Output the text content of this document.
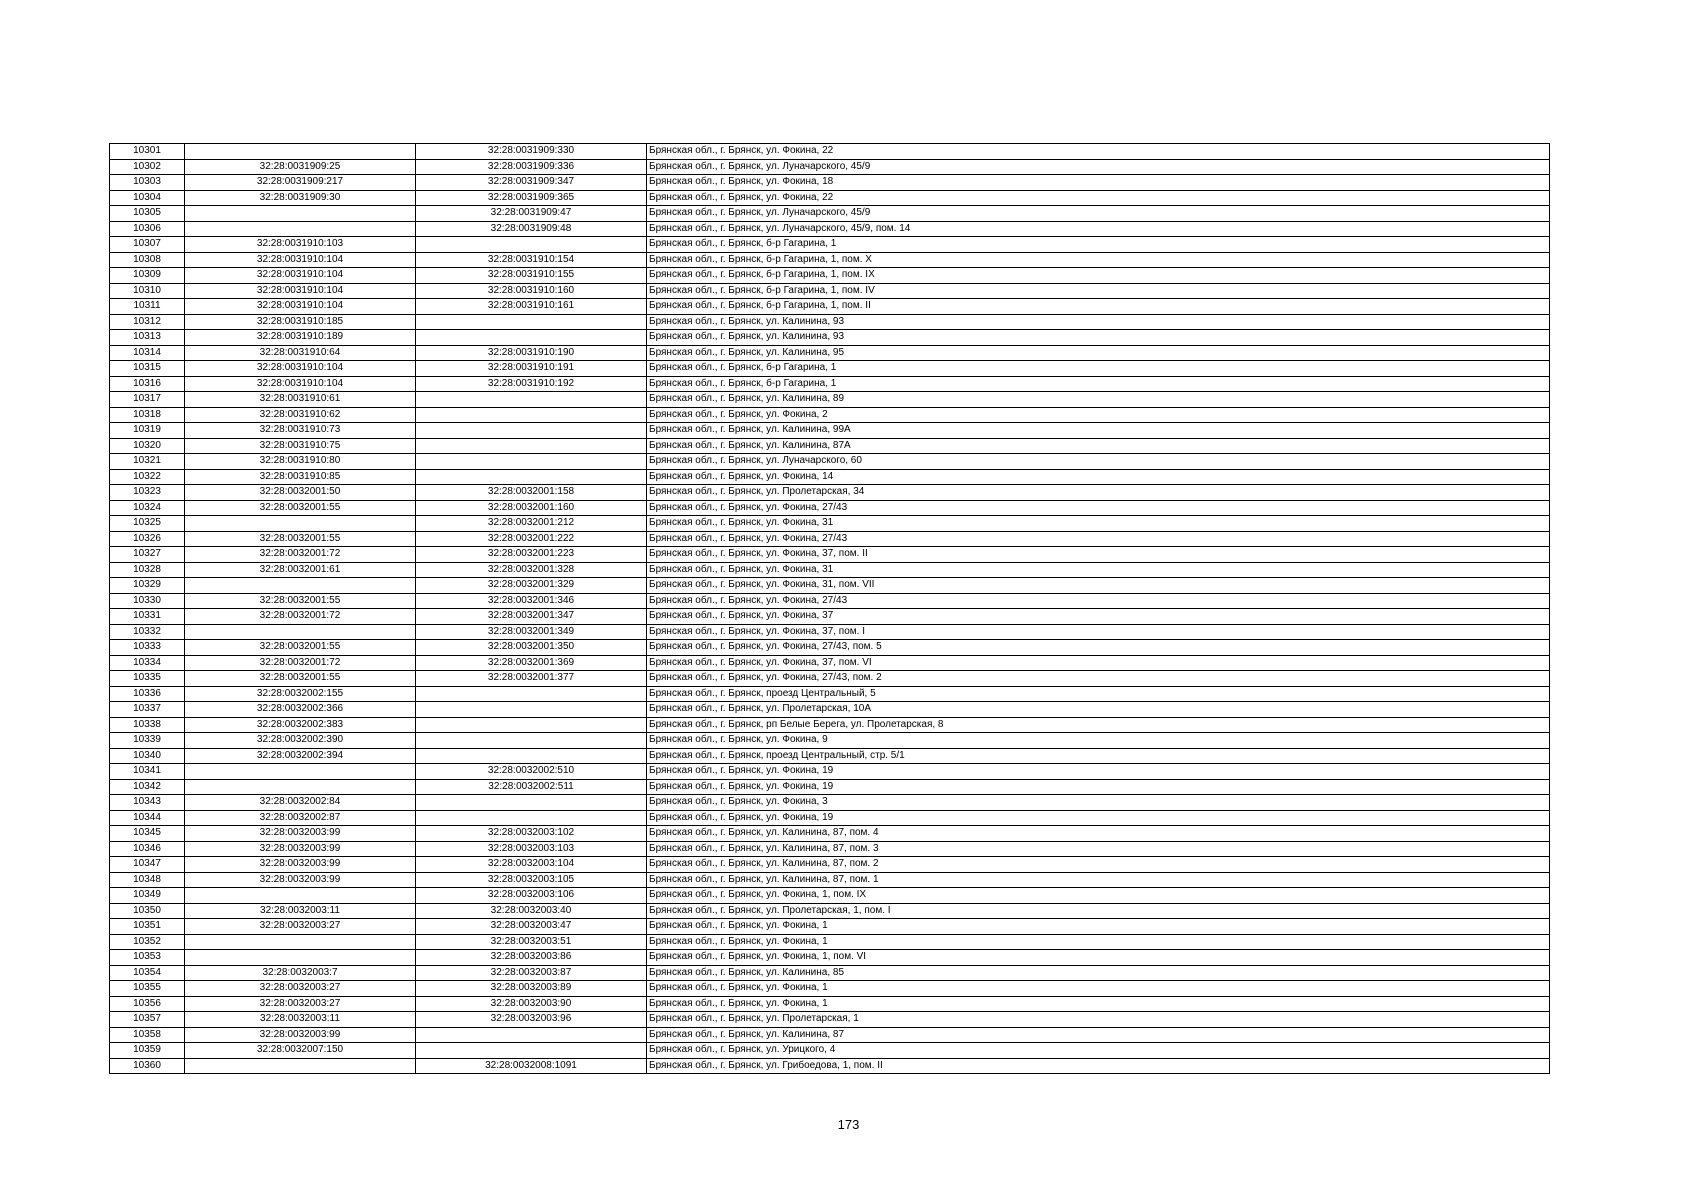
10301		32:28:0031909:330	Брянская обл., г. Брянск, ул. Фокина, 22
10302	32:28:0031909:25	32:28:0031909:336	Брянская обл., г. Брянск, ул. Луначарского, 45/9
10303	32:28:0031909:217	32:28:0031909:347	Брянская обл., г. Брянск, ул. Фокина, 18
10304	32:28:0031909:30	32:28:0031909:365	Брянская обл., г. Брянск, ул. Фокина, 22
10305		32:28:0031909:47	Брянская обл., г. Брянск, ул. Луначарского, 45/9
10306		32:28:0031909:48	Брянская обл., г. Брянск, ул. Луначарского, 45/9, пом. 14
10307	32:28:0031910:103		Брянская обл., г. Брянск, б-р Гагарина, 1
10308	32:28:0031910:104	32:28:0031910:154	Брянская обл., г. Брянск, б-р Гагарина, 1, пом. X
10309	32:28:0031910:104	32:28:0031910:155	Брянская обл., г. Брянск, б-р Гагарина, 1, пом. IX
10310	32:28:0031910:104	32:28:0031910:160	Брянская обл., г. Брянск, б-р Гагарина, 1, пом. IV
10311	32:28:0031910:104	32:28:0031910:161	Брянская обл., г. Брянск, б-р Гагарина, 1, пом. II
10312	32:28:0031910:185		Брянская обл., г. Брянск, ул. Калинина, 93
10313	32:28:0031910:189		Брянская обл., г. Брянск, ул. Калинина, 93
10314	32:28:0031910:64	32:28:0031910:190	Брянская обл., г. Брянск, ул. Калинина, 95
10315	32:28:0031910:104	32:28:0031910:191	Брянская обл., г. Брянск, б-р Гагарина, 1
10316	32:28:0031910:104	32:28:0031910:192	Брянская обл., г. Брянск, б-р Гагарина, 1
10317	32:28:0031910:61		Брянская обл., г. Брянск, ул. Калинина, 89
10318	32:28:0031910:62		Брянская обл., г. Брянск, ул. Фокина, 2
10319	32:28:0031910:73		Брянская обл., г. Брянск, ул. Калинина, 99А
10320	32:28:0031910:75		Брянская обл., г. Брянск, ул. Калинина, 87А
10321	32:28:0031910:80		Брянская обл., г. Брянск, ул. Луначарского, 60
10322	32:28:0031910:85		Брянская обл., г. Брянск, ул. Фокина, 14
10323	32:28:0032001:50	32:28:0032001:158	Брянская обл., г. Брянск, ул. Пролетарская, 34
10324	32:28:0032001:55	32:28:0032001:160	Брянская обл., г. Брянск, ул. Фокина, 27/43
10325		32:28:0032001:212	Брянская обл., г. Брянск, ул. Фокина, 31
10326	32:28:0032001:55	32:28:0032001:222	Брянская обл., г. Брянск, ул. Фокина, 27/43
10327	32:28:0032001:72	32:28:0032001:223	Брянская обл., г. Брянск, ул. Фокина, 37, пом. II
10328	32:28:0032001:61	32:28:0032001:328	Брянская обл., г. Брянск, ул. Фокина, 31
10329		32:28:0032001:329	Брянская обл., г. Брянск, ул. Фокина, 31, пом. VII
10330	32:28:0032001:55	32:28:0032001:346	Брянская обл., г. Брянск, ул. Фокина, 27/43
10331	32:28:0032001:72	32:28:0032001:347	Брянская обл., г. Брянск, ул. Фокина, 37
10332		32:28:0032001:349	Брянская обл., г. Брянск, ул. Фокина, 37, пом. I
10333	32:28:0032001:55	32:28:0032001:350	Брянская обл., г. Брянск, ул. Фокина, 27/43, пом. 5
10334	32:28:0032001:72	32:28:0032001:369	Брянская обл., г. Брянск, ул. Фокина, 37, пом. VI
10335	32:28:0032001:55	32:28:0032001:377	Брянская обл., г. Брянск, ул. Фокина, 27/43, пом. 2
10336	32:28:0032002:155		Брянская обл., г. Брянск, проезд Центральный, 5
10337	32:28:0032002:366		Брянская обл., г. Брянск, ул. Пролетарская, 10А
10338	32:28:0032002:383		Брянская обл., г. Брянск, рп Белые Берега, ул. Пролетарская, 8
10339	32:28:0032002:390		Брянская обл., г. Брянск, ул. Фокина, 9
10340	32:28:0032002:394		Брянская обл., г. Брянск, проезд Центральный, стр. 5/1
10341		32:28:0032002:510	Брянская обл., г. Брянск, ул. Фокина, 19
10342		32:28:0032002:511	Брянская обл., г. Брянск, ул. Фокина, 19
10343	32:28:0032002:84		Брянская обл., г. Брянск, ул. Фокина, 3
10344	32:28:0032002:87		Брянская обл., г. Брянск, ул. Фокина, 19
10345	32:28:0032003:99	32:28:0032003:102	Брянская обл., г. Брянск, ул. Калинина, 87, пом. 4
10346	32:28:0032003:99	32:28:0032003:103	Брянская обл., г. Брянск, ул. Калинина, 87, пом. 3
10347	32:28:0032003:99	32:28:0032003:104	Брянская обл., г. Брянск, ул. Калинина, 87, пом. 2
10348	32:28:0032003:99	32:28:0032003:105	Брянская обл., г. Брянск, ул. Калинина, 87, пом. 1
10349		32:28:0032003:106	Брянская обл., г. Брянск, ул. Фокина, 1, пом. IX
10350	32:28:0032003:11	32:28:0032003:40	Брянская обл., г. Брянск, ул. Пролетарская, 1, пом. I
10351	32:28:0032003:27	32:28:0032003:47	Брянская обл., г. Брянск, ул. Фокина, 1
10352		32:28:0032003:51	Брянская обл., г. Брянск, ул. Фокина, 1
10353		32:28:0032003:86	Брянская обл., г. Брянск, ул. Фокина, 1, пом. VI
10354	32:28:0032003:7	32:28:0032003:87	Брянская обл., г. Брянск, ул. Калинина, 85
10355	32:28:0032003:27	32:28:0032003:89	Брянская обл., г. Брянск, ул. Фокина, 1
10356	32:28:0032003:27	32:28:0032003:90	Брянская обл., г. Брянск, ул. Фокина, 1
10357	32:28:0032003:11	32:28:0032003:96	Брянская обл., г. Брянск, ул. Пролетарская, 1
10358	32:28:0032003:99		Брянская обл., г. Брянск, ул. Калинина, 87
10359	32:28:0032007:150		Брянская обл., г. Брянск, ул. Урицкого, 4
10360		32:28:0032008:1091	Брянская обл., г. Брянск, ул. Грибоедова, 1, пом. II
173
